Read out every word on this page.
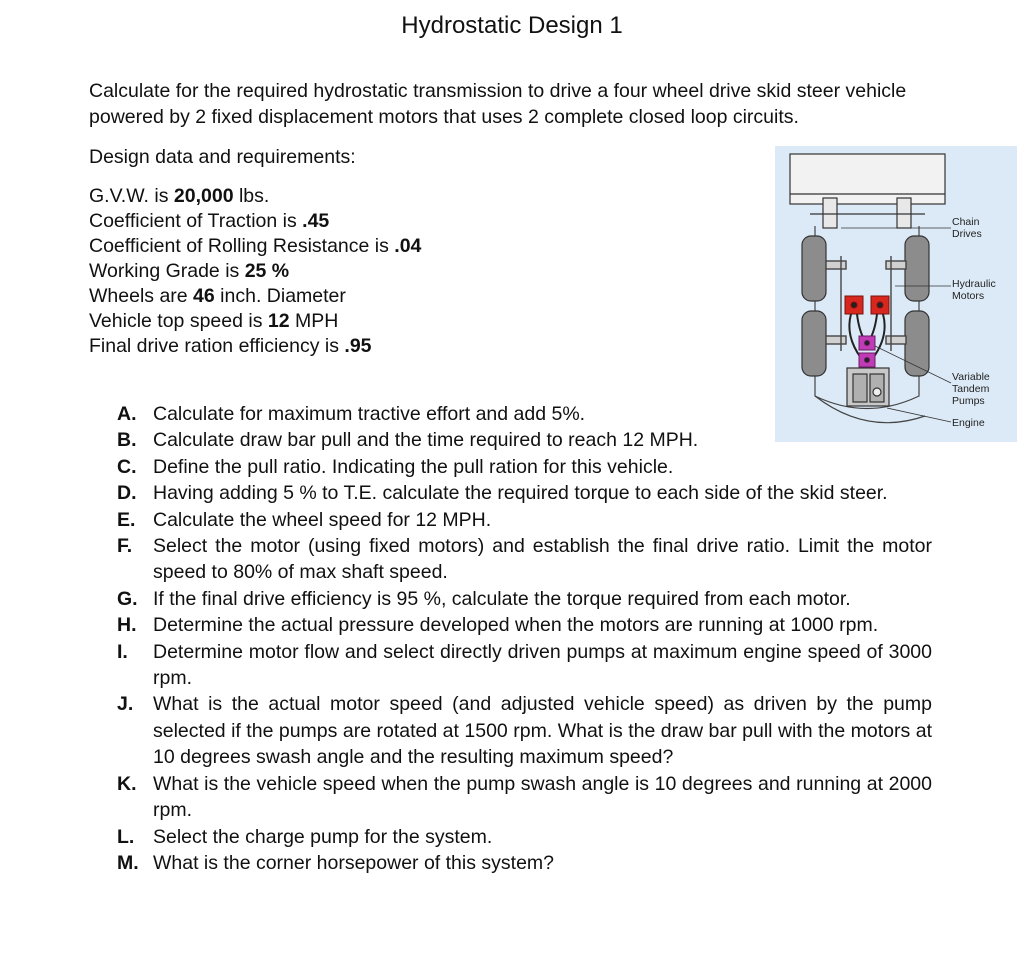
Hydrostatic Design 1
Calculate for the required hydrostatic transmission to drive a four wheel drive skid steer vehicle powered by 2 fixed displacement motors that uses 2 complete closed loop circuits.
Design data and requirements:
G.V.W. is 20,000 lbs.
Coefficient of Traction is .45
Coefficient of Rolling Resistance is .04
Working Grade is 25 %
Wheels are 46 inch. Diameter
Vehicle top speed is 12 MPH
Final drive ration efficiency is .95
Chain
Drives
Hydraulic
Motors
Variable
Tandem
Pumps
Engine
A. Calculate for maximum tractive effort and add 5%.
B. Calculate draw bar pull and the time required to reach 12 MPH.
C. Define the pull ratio. Indicating the pull ration for this vehicle.
D. Having adding 5 % to T.E. calculate the required torque to each side of the skid steer.
E. Calculate the wheel speed for 12 MPH.
F.	Select the motor (using fixed motors) and establish the final drive ratio. Limit the motor speed to 80% of max shaft speed.
G. If the final drive efficiency is 95 %, calculate the torque required from each motor.
H. Determine the actual pressure developed when the motors are running at 1000 rpm.
I.	Determine motor flow and select directly driven pumps at maximum engine speed of 3000 rpm.
J.	What is the actual motor speed (and adjusted vehicle speed) as driven by the pump selected if the pumps are rotated at 1500 rpm. What is the draw bar pull with the motors at 10 degrees swash angle and the resulting maximum speed?
K. What is the vehicle speed when the pump swash angle is 10 degrees and running at 2000 rpm.
L. Select the charge pump for the system.
M. What is the corner horsepower of this system?
